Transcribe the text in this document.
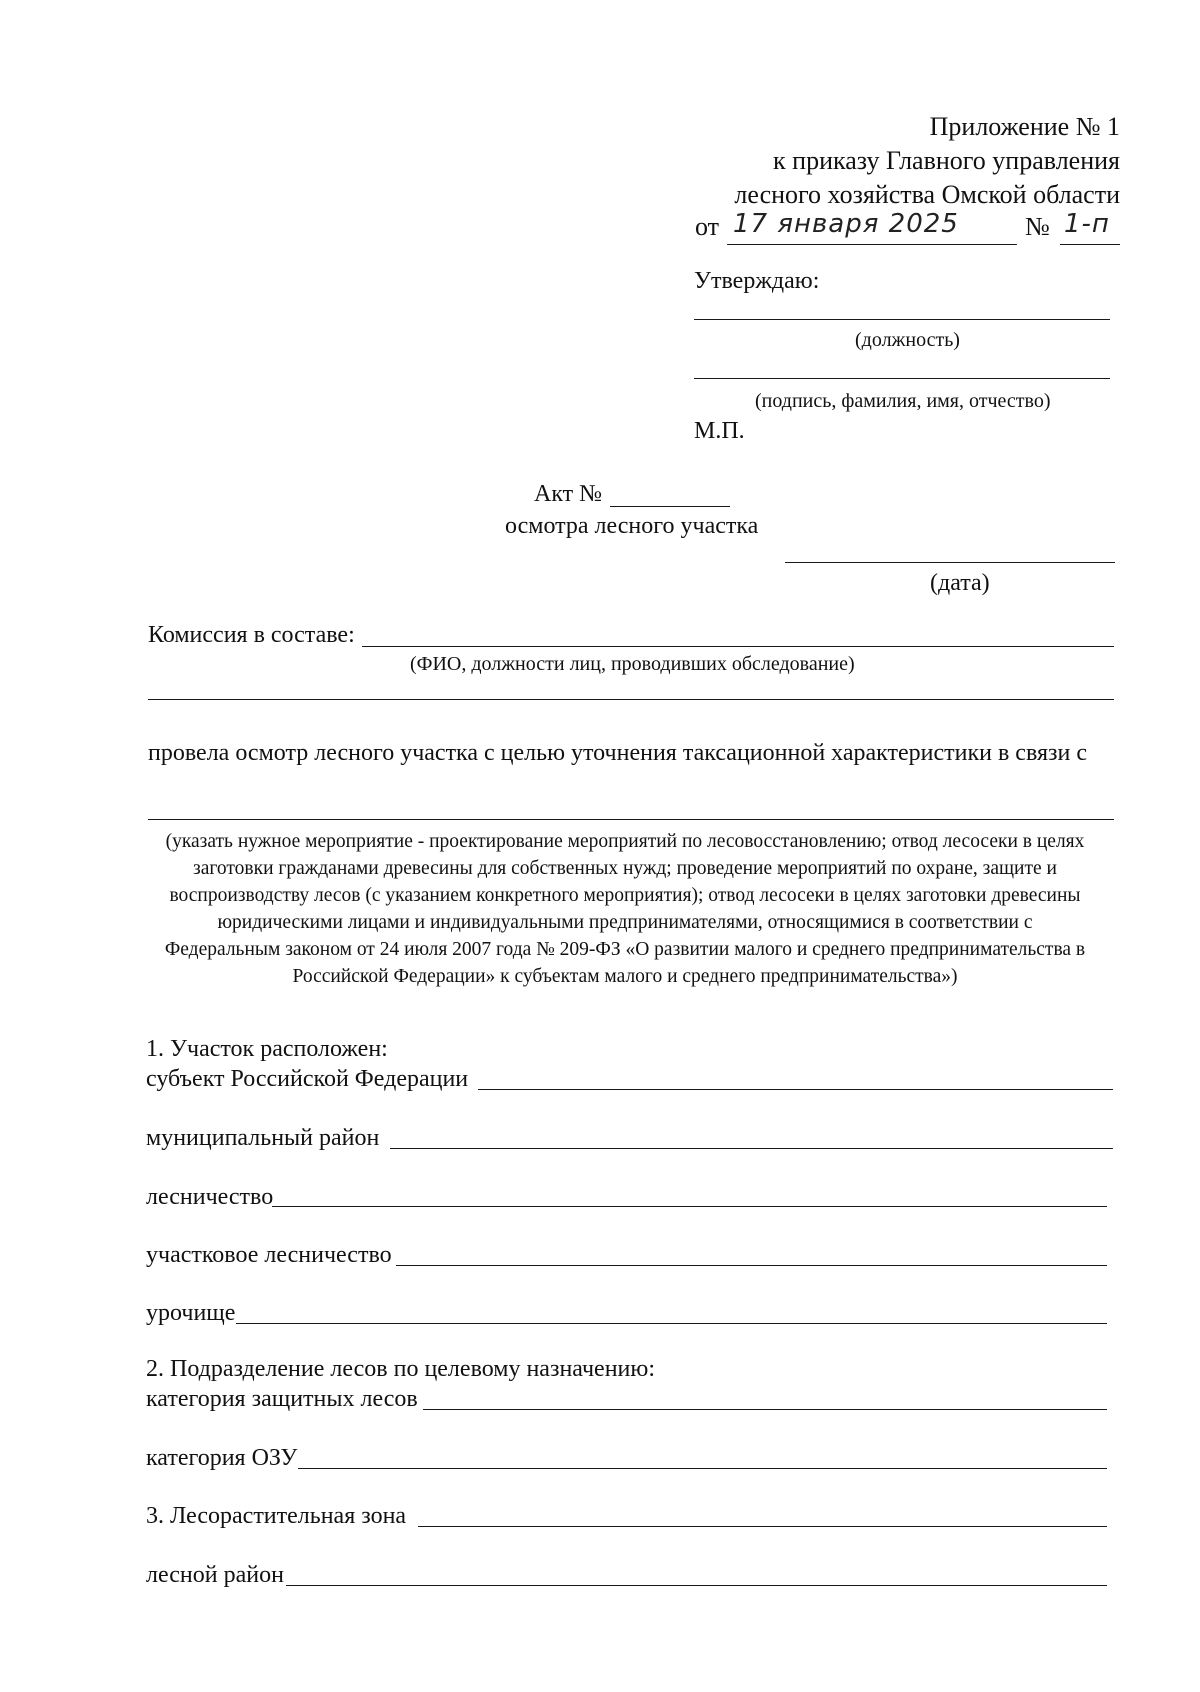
Приложение № 1
к приказу Главного управления
лесного хозяйства Омской области
от 17 января 2025	№ 1-п
Утверждаю:
(должность)
(подпись, фамилия, имя, отчество)
М.П.
Акт №
осмотра лесного участка
(дата)
Комиссия в составе:
(ФИО, должности лиц, проводивших обследование)
провела осмотр лесного участка с целью уточнения таксационной характеристики в связи с
(указать нужное мероприятие - проектирование мероприятий по лесовосстановлению; отвод лесосеки в целях
заготовки гражданами древесины для собственных нужд; проведение мероприятий по охране, защите и
воспроизводству лесов (с указанием конкретного мероприятия); отвод лесосеки в целях заготовки древесины
юридическими лицами и индивидуальными предпринимателями, относящимися в соответствии с
Федеральным законом от 24 июля 2007 года № 209-ФЗ «О развитии малого и среднего предпринимательства в
Российской Федерации» к субъектам малого и среднего предпринимательства»)
1. Участок расположен:
субъект Российской Федерации
муниципальный район
лесничество
участковое лесничество
урочище
2. Подразделение лесов по целевому назначению:
категория защитных лесов
категория ОЗУ
3. Лесорастительная зона
лесной район
